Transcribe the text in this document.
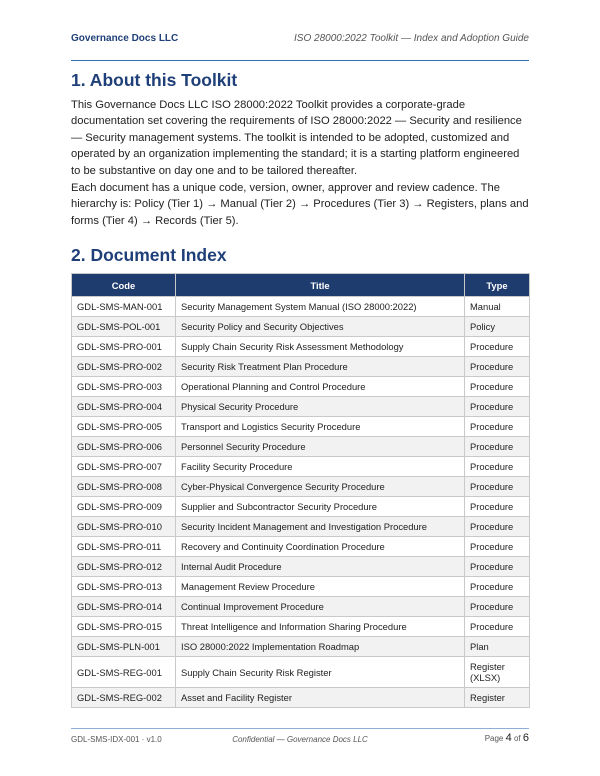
Governance Docs LLC	ISO 28000:2022 Toolkit — Index and Adoption Guide
1. About this Toolkit

This Governance Docs LLC ISO 28000:2022 Toolkit provides a corporate-grade documentation set covering the requirements of ISO 28000:2022 — Security and resilience — Security management systems. The toolkit is intended to be adopted, customized and operated by an organization implementing the standard; it is a starting platform engineered to be substantive on day one and to be tailored thereafter.

Each document has a unique code, version, owner, approver and review cadence. The hierarchy is: Policy (Tier 1) → Manual (Tier 2) → Procedures (Tier 3) → Registers, plans and forms (Tier 4) → Records (Tier 5).

2. Document Index
Code	Title	Type
GDL-SMS-MAN-001	Security Management System Manual (ISO 28000:2022)	Manual
GDL-SMS-POL-001	Security Policy and Security Objectives	Policy
GDL-SMS-PRO-001	Supply Chain Security Risk Assessment Methodology	Procedure
GDL-SMS-PRO-002	Security Risk Treatment Plan Procedure	Procedure
GDL-SMS-PRO-003	Operational Planning and Control Procedure	Procedure
GDL-SMS-PRO-004	Physical Security Procedure	Procedure
GDL-SMS-PRO-005	Transport and Logistics Security Procedure	Procedure
GDL-SMS-PRO-006	Personnel Security Procedure	Procedure
GDL-SMS-PRO-007	Facility Security Procedure	Procedure
GDL-SMS-PRO-008	Cyber-Physical Convergence Security Procedure	Procedure
GDL-SMS-PRO-009	Supplier and Subcontractor Security Procedure	Procedure
GDL-SMS-PRO-010	Security Incident Management and Investigation Procedure	Procedure
GDL-SMS-PRO-011	Recovery and Continuity Coordination Procedure	Procedure
GDL-SMS-PRO-012	Internal Audit Procedure	Procedure
GDL-SMS-PRO-013	Management Review Procedure	Procedure
GDL-SMS-PRO-014	Continual Improvement Procedure	Procedure
GDL-SMS-PRO-015	Threat Intelligence and Information Sharing Procedure	Procedure
GDL-SMS-PLN-001	ISO 28000:2022 Implementation Roadmap	Plan
GDL-SMS-REG-001	Supply Chain Security Risk Register	Register (XLSX)
GDL-SMS-REG-002	Asset and Facility Register	Register
GDL-SMS-IDX-001 · v1.0	Confidential — Governance Docs LLC	Page 4 of 6
